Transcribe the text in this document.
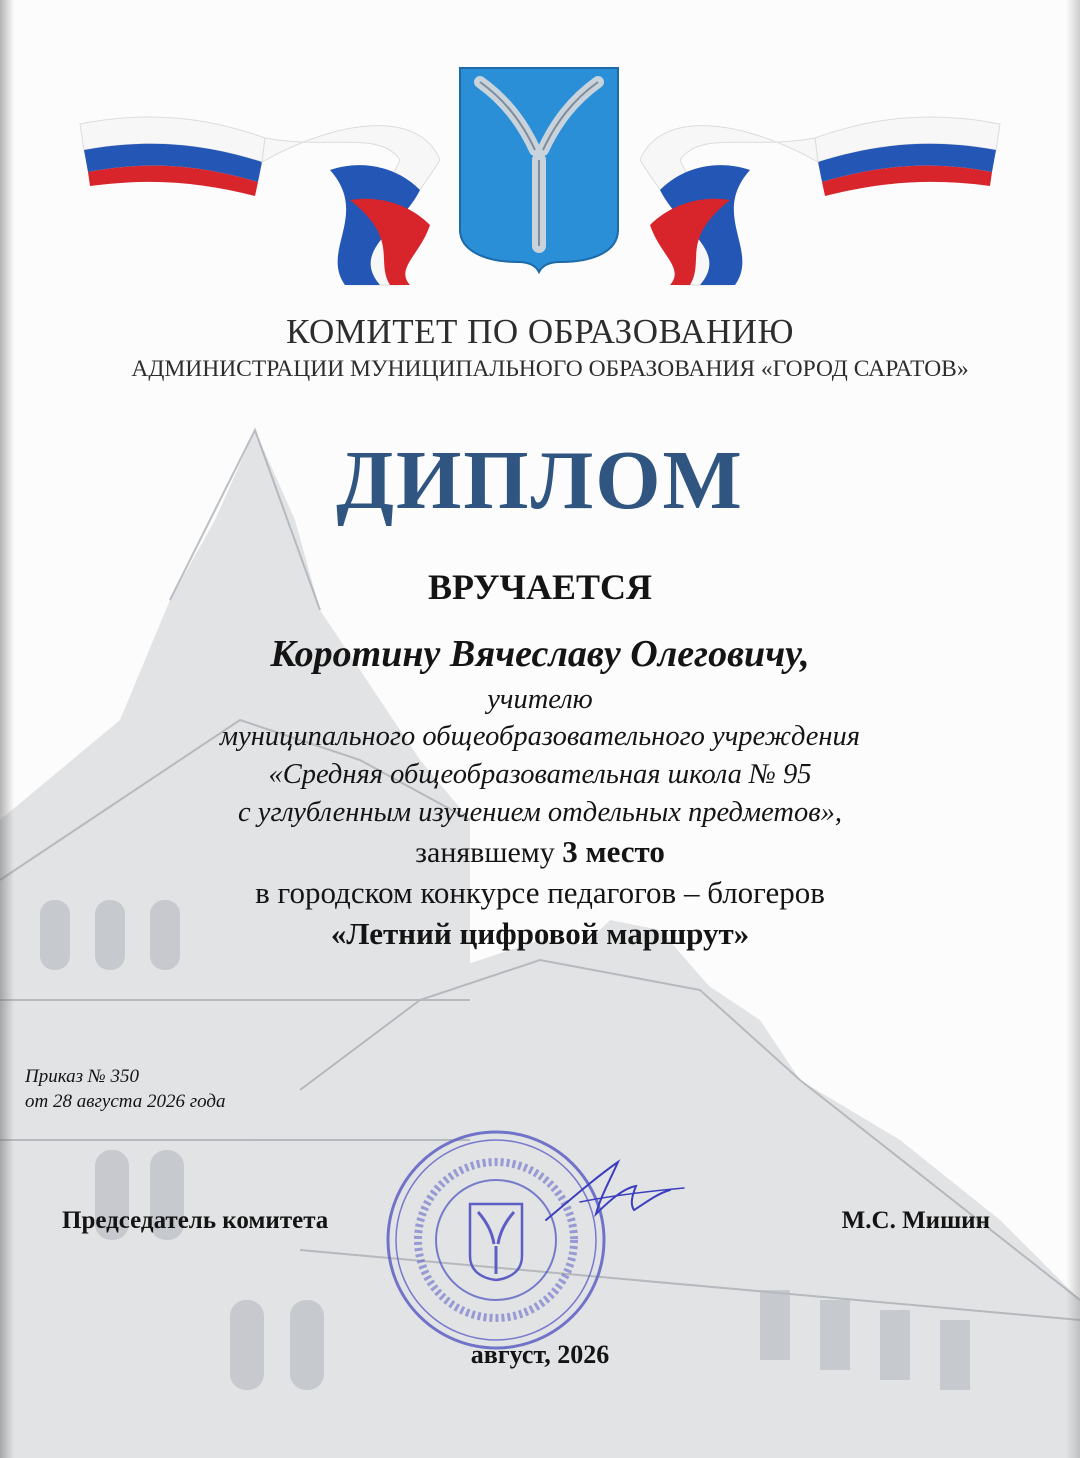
КОМИТЕТ ПО ОБРАЗОВАНИЮ
АДМИНИСТРАЦИИ МУНИЦИПАЛЬНОГО ОБРАЗОВАНИЯ «ГОРОД САРАТОВ»
ДИПЛОМ
ВРУЧАЕТСЯ
Коротину Вячеславу Олеговичу,
учителю
муниципального общеобразовательного учреждения
«Средняя общеобразовательная школа № 95
с углубленным изучением отдельных предметов»,
занявшему 3 место
в городском конкурсе педагогов – блогеров
«Летний цифровой маршрут»
Приказ № 350
от 28 августа 2026 года
Председатель комитета	М.С. Мишин
август, 2026
